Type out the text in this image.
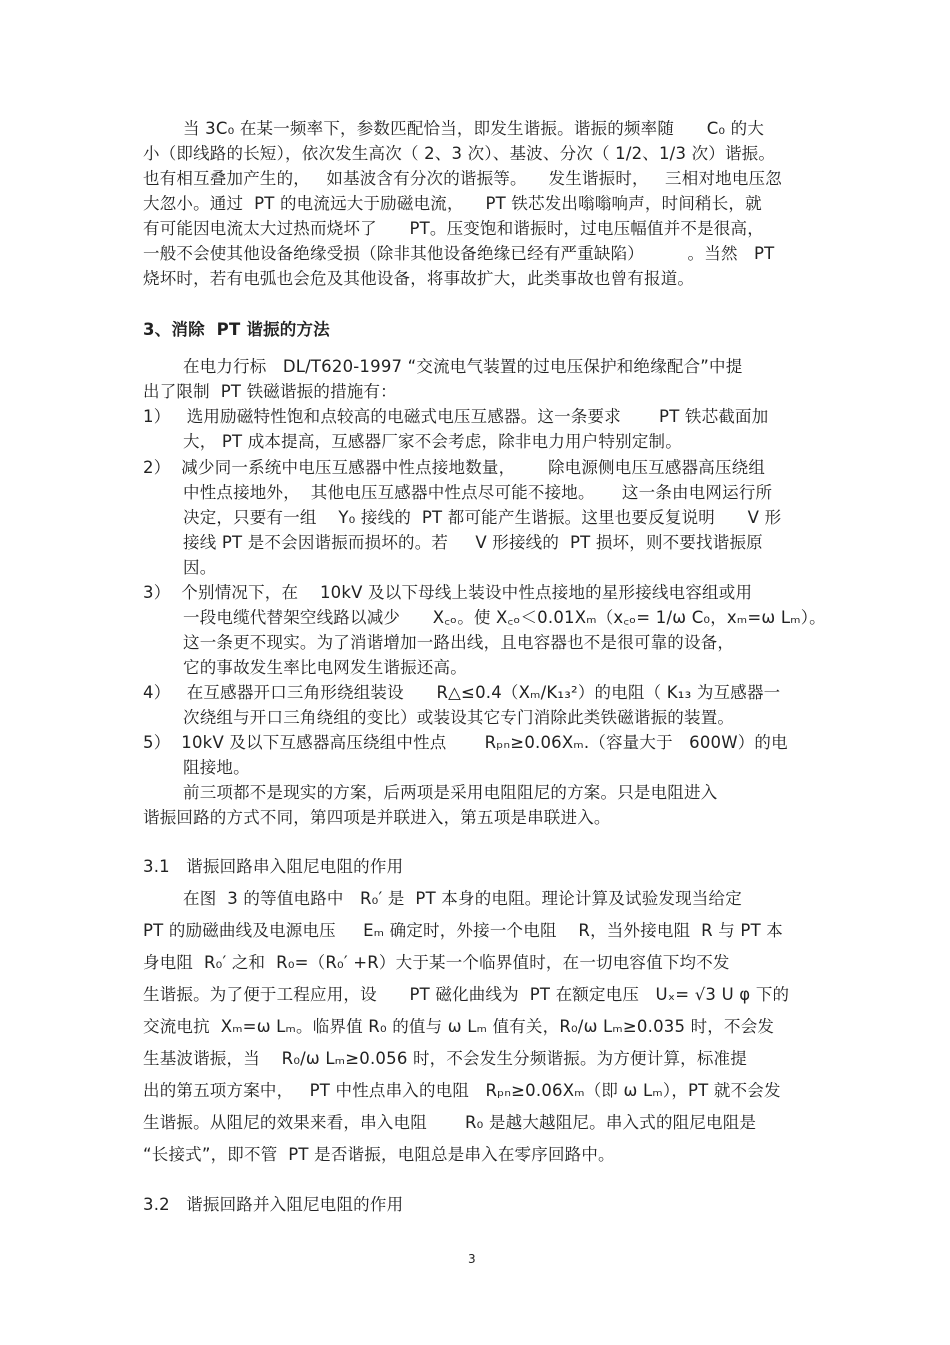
当 3C₀ 在某一频率下，参数匹配恰当，即发生谐振。谐振的频率随      C₀ 的大
小（即线路的长短），依次发生高次（ 2、3 次）、基波、分次（ 1/2、1/3 次）谐振。
也有相互叠加产生的，   如基波含有分次的谐振等。    发生谐振时，   三相对地电压忽
大忽小。通过  PT 的电流远大于励磁电流，    PT 铁芯发出嗡嗡响声，时间稍长，就
有可能因电流太大过热而烧坏了      PT。压变饱和谐振时，过电压幅值并不是很高，
一般不会使其他设备绝缘受损（除非其他设备绝缘已经有严重缺陷）        。当然   PT
烧坏时，若有电弧也会危及其他设备，将事故扩大，此类事故也曾有报道。
3、消除  PT 谐振的方法
在电力行标   DL/T620-1997 “交流电气装置的过电压保护和绝缘配合”中提
出了限制  PT 铁磁谐振的措施有：
1）   选用励磁特性饱和点较高的电磁式电压互感器。这一条要求       PT 铁芯截面加
大， PT 成本提高，互感器厂家不会考虑，除非电力用户特别定制。
2）  减少同一系统中电压互感器中性点接地数量，      除电源侧电压互感器高压绕组
中性点接地外，  其他电压互感器中性点尽可能不接地。     这一条由电网运行所
决定，只要有一组    Y₀ 接线的  PT 都可能产生谐振。这里也要反复说明      V 形
接线 PT 是不会因谐振而损坏的。若     V 形接线的  PT 损坏，则不要找谐振原
因。
3）  个别情况下，在    10kV 及以下母线上装设中性点接地的星形接线电容组或用
一段电缆代替架空线路以减少      X꜀ₒ。使 X꜀ₒ＜0.01Xₘ（x꜀ₒ= 1/ω C₀，xₘ=ω Lₘ）。
这一条更不现实。为了消谐增加一路出线，且电容器也不是很可靠的设备，
它的事故发生率比电网发生谐振还高。
4）   在互感器开口三角形绕组装设      R△≤0.4（Xₘ/K₁₃²）的电阻（ K₁₃ 为互感器一
次绕组与开口三角绕组的变比）或装设其它专门消除此类铁磁谐振的装置。
5）  10kV 及以下互感器高压绕组中性点       Rₚₙ≥0.06Xₘ.（容量大于   600W）的电
阻接地。
前三项都不是现实的方案，后两项是采用电阻阻尼的方案。只是电阻进入
谐振回路的方式不同，第四项是并联进入，第五项是串联进入。
3.1   谐振回路串入阻尼电阻的作用
在图  3 的等值电路中   R₀′ 是  PT 本身的电阻。理论计算及试验发现当给定
PT 的励磁曲线及电源电压     Eₘ 确定时，外接一个电阻    R，当外接电阻  R 与 PT 本
身电阻  R₀′ 之和  R₀=（R₀′ +R）大于某一个临界值时，在一切电容值下均不发
生谐振。为了便于工程应用，设      PT 磁化曲线为  PT 在额定电压   Uₓ= √3 U φ 下的
交流电抗  Xₘ=ω Lₘ。临界值 R₀ 的值与 ω Lₘ 值有关，R₀/ω Lₘ≥0.035 时，不会发
生基波谐振，当    R₀/ω Lₘ≥0.056 时，不会发生分频谐振。为方便计算，标准提
出的第五项方案中，   PT 中性点串入的电阻   Rₚₙ≥0.06Xₘ（即 ω Lₘ），PT 就不会发
生谐振。从阻尼的效果来看，串入电阻       R₀ 是越大越阻尼。串入式的阻尼电阻是
“长接式”，即不管  PT 是否谐振，电阻总是串入在零序回路中。
3.2   谐振回路并入阻尼电阻的作用
3
